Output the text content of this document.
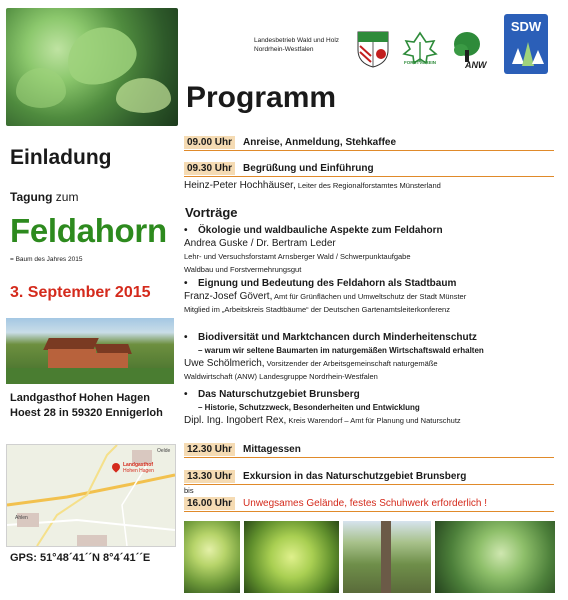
Einladung
Tagung zum
Feldahorn
= Baum des Jahres 2015
3. September 2015
Landgasthof Hohen Hagen
Hoest 28 in 59320 Ennigerloh
Landgasthof
Hohen Hagen
Oelde
Ahlen
GPS: 51°48´41´´N 8°4´41´´E
Landesbetrieb Wald und Holz
Nordrhein-Westfalen
FORSTVEREIN	ANW
SDW
Programm
09.00 Uhr	Anreise, Anmeldung, Stehkaffee
09.30 Uhr	Begrüßung und Einführung
Heinz-Peter Hochhäuser, Leiter des Regionalforstamtes Münsterland
Vorträge
• Ökologie und waldbauliche Aspekte zum Feldahorn
Andrea Guske / Dr. Bertram Leder
Lehr- und Versuchsforstamt Arnsberger Wald / Schwerpunktaufgabe
Waldbau und Forstvermehrungsgut
• Eignung und Bedeutung des Feldahorn als Stadtbaum
Franz-Josef Gövert, Amt für Grünflächen und Umweltschutz der Stadt Münster
Mitglied im „Arbeitskreis Stadtbäume“ der Deutschen Gartenamtsleiterkonferenz
• Biodiversität und Marktchancen durch Minderheitenschutz
– warum wir seltene Baumarten im naturgemäßen Wirtschaftswald erhalten
Uwe Schölmerich, Vorsitzender der Arbeitsgemeinschaft naturgemäße
Waldwirtschaft (ANW) Landesgruppe Nordrhein-Westfalen
• Das Naturschutzgebiet Brunsberg
– Historie, Schutzzweck, Besonderheiten und Entwicklung
Dipl. Ing. Ingobert Rex, Kreis Warendorf – Amt für Planung und Naturschutz
12.30 Uhr	Mittagessen
13.30 Uhr	Exkursion in das Naturschutzgebiet Brunsberg
bis
16.00 Uhr	Unwegsames Gelände, festes Schuhwerk erforderlich !
